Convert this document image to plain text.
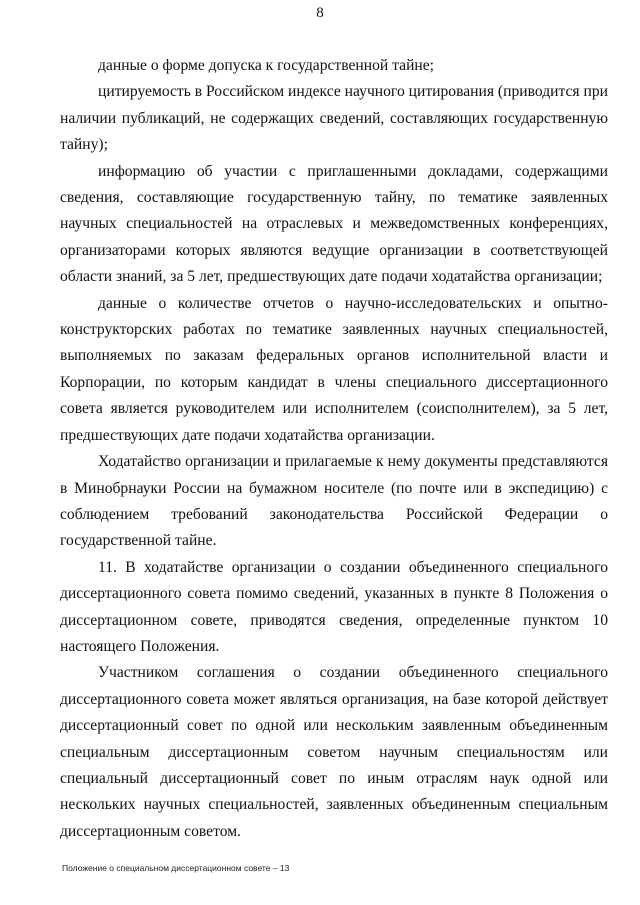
8

данные о форме допуска к государственной тайне;

цитируемость в Российском индексе научного цитирования (приводится при наличии публикаций, не содержащих сведений, составляющих государственную тайну);

информацию об участии с приглашенными докладами, содержащими сведения, составляющие государственную тайну, по тематике заявленных научных специальностей на отраслевых и межведомственных конференциях, организаторами которых являются ведущие организации в соответствующей области знаний, за 5 лет, предшествующих дате подачи ходатайства организации;

данные о количестве отчетов о научно-исследовательских и опытно-конструкторских работах по тематике заявленных научных специальностей, выполняемых по заказам федеральных органов исполнительной власти и Корпорации, по которым кандидат в члены специального диссертационного совета является руководителем или исполнителем (соисполнителем), за 5 лет, предшествующих дате подачи ходатайства организации.

Ходатайство организации и прилагаемые к нему документы представляются в Минобрнауки России на бумажном носителе (по почте или в экспедицию) с соблюдением требований законодательства Российской Федерации о государственной тайне.

11. В ходатайстве организации о создании объединенного специального диссертационного совета помимо сведений, указанных в пункте 8 Положения о диссертационном совете, приводятся сведения, определенные пунктом 10 настоящего Положения.

Участником соглашения о создании объединенного специального диссертационного совета может являться организация, на базе которой действует диссертационный совет по одной или нескольким заявленным объединенным специальным диссертационным советом научным специальностям или специальный диссертационный совет по иным отраслям наук одной или нескольких научных специальностей, заявленных объединенным специальным диссертационным советом.

Положение о специальном диссертационном совете – 13
